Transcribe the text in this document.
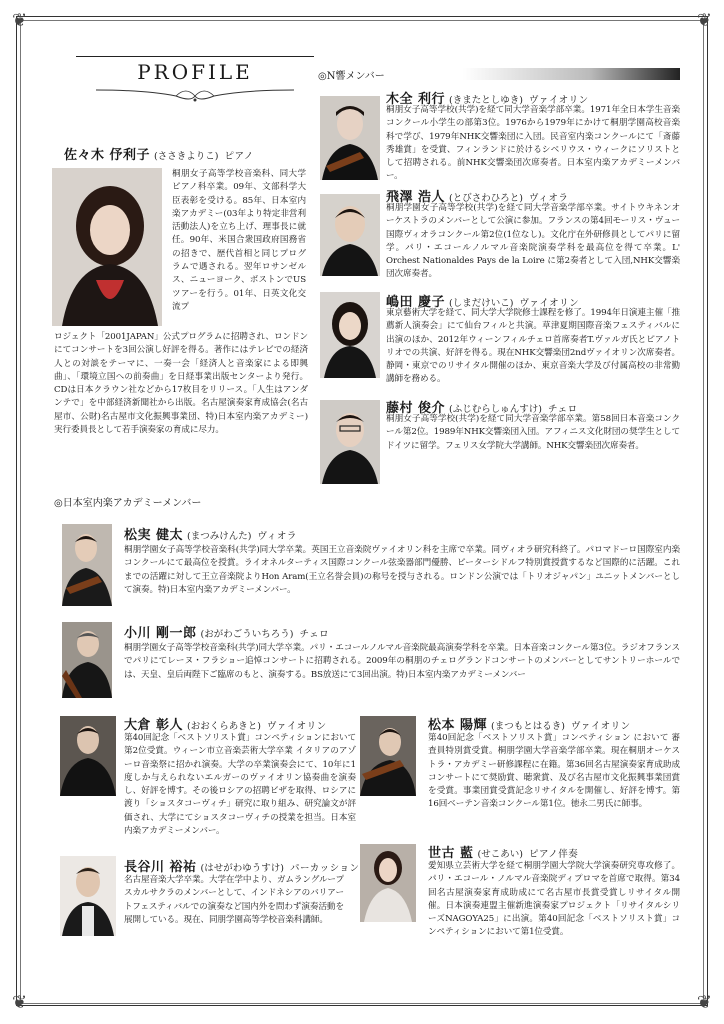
❦	❦
❦	❦
PROFILE
佐々木 伃利子 (ささきよりこ) ピアノ
桐朋女子高等学校音楽科、同大学ピアノ科卒業。09年、文部科学大臣表彰を受ける。85年、日本室内楽アカデミー(03年より特定非営利活動法人)を立ち上げ、理事長に就任。90年、米国合衆国政府国務省の招きで、歴代首相と同じプログラムで遇される。翌年ロサンゼルス、ニューヨーク、ボストンでUSツアーを行う。01年、日英文化交流プ
ロジェクト「2001JAPAN」公式プログラムに招聘され、ロンドンにてコンサートを3回公演し好評を得る。著作にはテレビでの経済人との対談をテーマに、一奏一会「経済人と音楽家による即興曲」、「環境立国への前奏曲」を日経事業出版センターより発行。CDは日本クラウン社などから17枚目をリリース。「人生はアンダンテで」を中部経済新聞社から出版。名古屋演奏家育成協会(名古屋市、公財)名古屋市文化振興事業団、特)日本室内楽アカデミー)実行委員長として若手演奏家の育成に尽力。
◎N響メンバー
木全 利行 (きまたとしゆき) ヴァイオリン
桐朋女子高等学校(共学)を経て同大学音楽学部卒業。1971年全日本学生音楽コンクール小学生の部第3位。1976から1979年にかけて桐朋学園高校音楽科で学び、1979年NHK交響楽団に入団。民音室内楽コンクールにて「斎藤秀雄賞」を受賞、フィンランドに於けるシベリウス・ウィークにソリストとして招聘される。前NHK交響楽団次席奏者。日本室内楽アカデミーメンバー。
飛澤 浩人 (とびさわひろと) ヴィオラ
桐朋学園女子高等学校(共学)を経て同大学音楽学部卒業。サイトウキネンオーケストラのメンバーとして公演に参加。フランスの第4回モーリス・ヴュー国際ヴィオラコンクール第2位(1位なし)。文化庁在外研修員としてパリに留学。パリ・エコールノルマル音楽院演奏学科を最高位を得て卒業。L' Orchest Nationaldes Pays de la Loire に第2奏者として入団,NHK交響楽団次席奏者。
嶋田 慶子 (しまだけいこ) ヴァイオリン
東京藝術大学を経て、同大学大学院修士課程を修了。1994年日演連主催「推薦新人演奏会」にて仙台フィルと共演。草津夏期国際音楽フェスティバルに出演のほか、2012年ウィーンフィルチェロ首席奏者T.ヴァルガ氏とピアノトリオでの共演、好評を得る。現在NHK交響楽団2ndヴァイオリン次席奏者。静岡・東京でのリサイタル開催のほか、東京音楽大学及び付属高校の非常勤講師を務める。
藤村 俊介 (ふじむらしゅんすけ) チェロ
桐朋女子高等学校(共学)を経て同大学音楽学部卒業。第58回日本音楽コンクール第2位。1989年NHK交響楽団入団。アフィニス文化財団の奨学生としてドイツに留学。フェリス女学院大学講師。NHK交響楽団次席奏者。
◎日本室内楽アカデミーメンバー
松実 健太 (まつみけんた) ヴィオラ
桐朋学園女子高等学校音楽科(共学)同大学卒業。英国王立音楽院ヴァイオリン科を主席で卒業。同ヴィオラ研究科終了。パロマドーロ国際室内楽コンクールにて最高位を授賞。ライオネルターティス国際コンクール弦楽器部門優勝、ピーターシドルフ特別賞授賞するなど国際的に活躍。これまでの活躍に対して王立音楽院よりHon Aram(王立名誉会員)の称号を授与される。ロンドン公演では「トリオジャパン」ユニットメンバーとして演奏。特)日本室内楽アカデミーメンバー。
小川 剛一郎 (おがわごういちろう) チェロ
桐朋学園女子高等学校音楽科(共学)同大学卒業。パリ・エコールノルマル音楽院最高演奏学科を卒業。日本音楽コンクール第3位。ラジオフランスでパリにてレーヌ・フラショー追悼コンサートに招聘される。2009年の桐朋のチェログランドコンサートのメンバーとしてサントリーホールでは、天皇、皇后両陛下ご臨席のもと、演奏する。BS放送にて3回出演。特)日本室内楽アカデミーメンバー
大倉 彰人 (おおくらあきと) ヴァイオリン
第40回記念「ベストソリスト賞」コンペティションにおいて第2位受賞。ウィーン市立音楽芸術大学卒業 イタリアのアゾーロ音楽祭に招かれ演奏。大学の卒業演奏会にて、10年に1度しか与えられないエルガーのヴァイオリン協奏曲を演奏し、好評を博す。その後ロシアの招聘ビザを取得、ロシアに渡り「ショスタコーヴィチ」研究に取り組み、研究論文が評価され、大学にてショスタコーヴィチの授業を担当。日本室内楽アカデミーメンバー。
松本 陽輝 (まつもとはるき) ヴァイオリン
第40回記念「ベストソリスト賞」コンペティション において 審査員特別賞受賞。桐朋学園大学音楽学部卒業。現在桐朋オーケストラ・アカデミー研修課程に在籍。第36回名古屋演奏家育成助成コンサートにて奨励賞、聴衆賞、及び名古屋市文化振興事業団賞を受賞。事業団賞受賞記念リサイタルを開催し、好評を博す。第16回ベーテン音楽コンクール第1位。徳永二男氏に師事。
長谷川 裕祐 (はせがわゆうすけ) パーカッション
名古屋音楽大学卒業。大学在学中より、ガムラングループスカルサクラのメンバーとして、インドネシアのバリアートフェスティバルでの演奏など国内外を問わず演奏活動を展開している。現在、同朋学園高等学校音楽科講師。
世古 藍 (せこあい) ピアノ伴奏
愛知県立芸術大学を経て桐朋学園大学院大学演奏研究専攻修了。パリ・エコール・ノルマル音楽院ディプロマを首席で取得。第34回名古屋演奏家育成助成にて名古屋市長賞受賞しリサイタル開催。日本演奏連盟主催新進演奏家プロジェクト「リサイタルシリーズNAGOYA25」に出演。第40回記念「ベストソリスト賞」コンペティションにおいて第1位受賞。
